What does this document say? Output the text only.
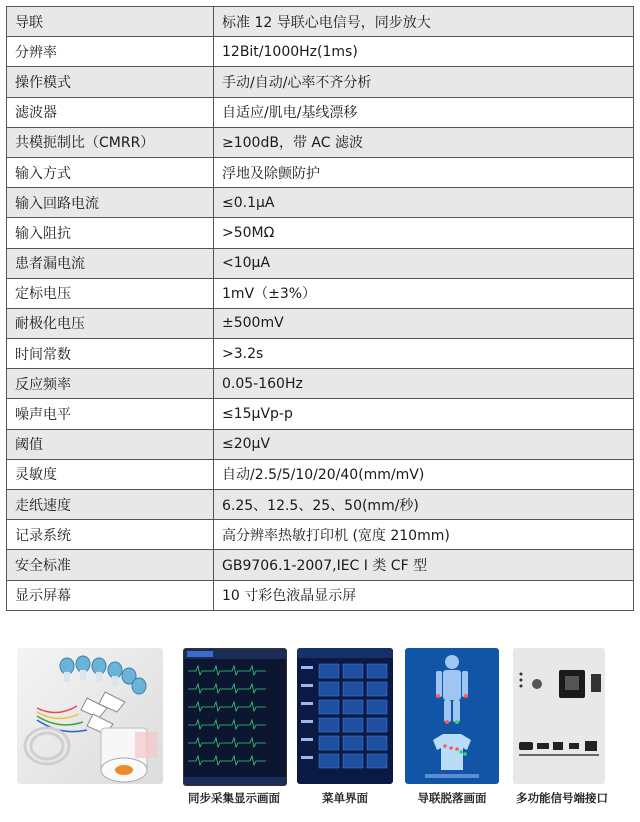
导联	标准 12 导联心电信号，同步放大
分辨率	12Bit/1000Hz(1ms)
操作模式	手动/自动/心率不齐分析
滤波器	自适应/肌电/基线漂移
共模扼制比（CMRR）	≥100dB，带 AC 滤波
输入方式	浮地及除颤防护
输入回路电流	≤0.1μA
输入阻抗	>50MΩ
患者漏电流	<10μA
定标电压	1mV（±3%）
耐极化电压	±500mV
时间常数	>3.2s
反应频率	0.05-160Hz
噪声电平	≤15μVp-p
阈值	≤20μV
灵敏度	自动/2.5/5/10/20/40(mm/mV)
走纸速度	6.25、12.5、25、50(mm/秒)
记录系统	高分辨率热敏打印机 (宽度 210mm)
安全标准	GB9706.1-2007,IEC I 类 CF 型
显示屏幕	10 寸彩色液晶显示屏
同步采集显示画面	菜单界面	导联脱落画面	多功能信号端接口
